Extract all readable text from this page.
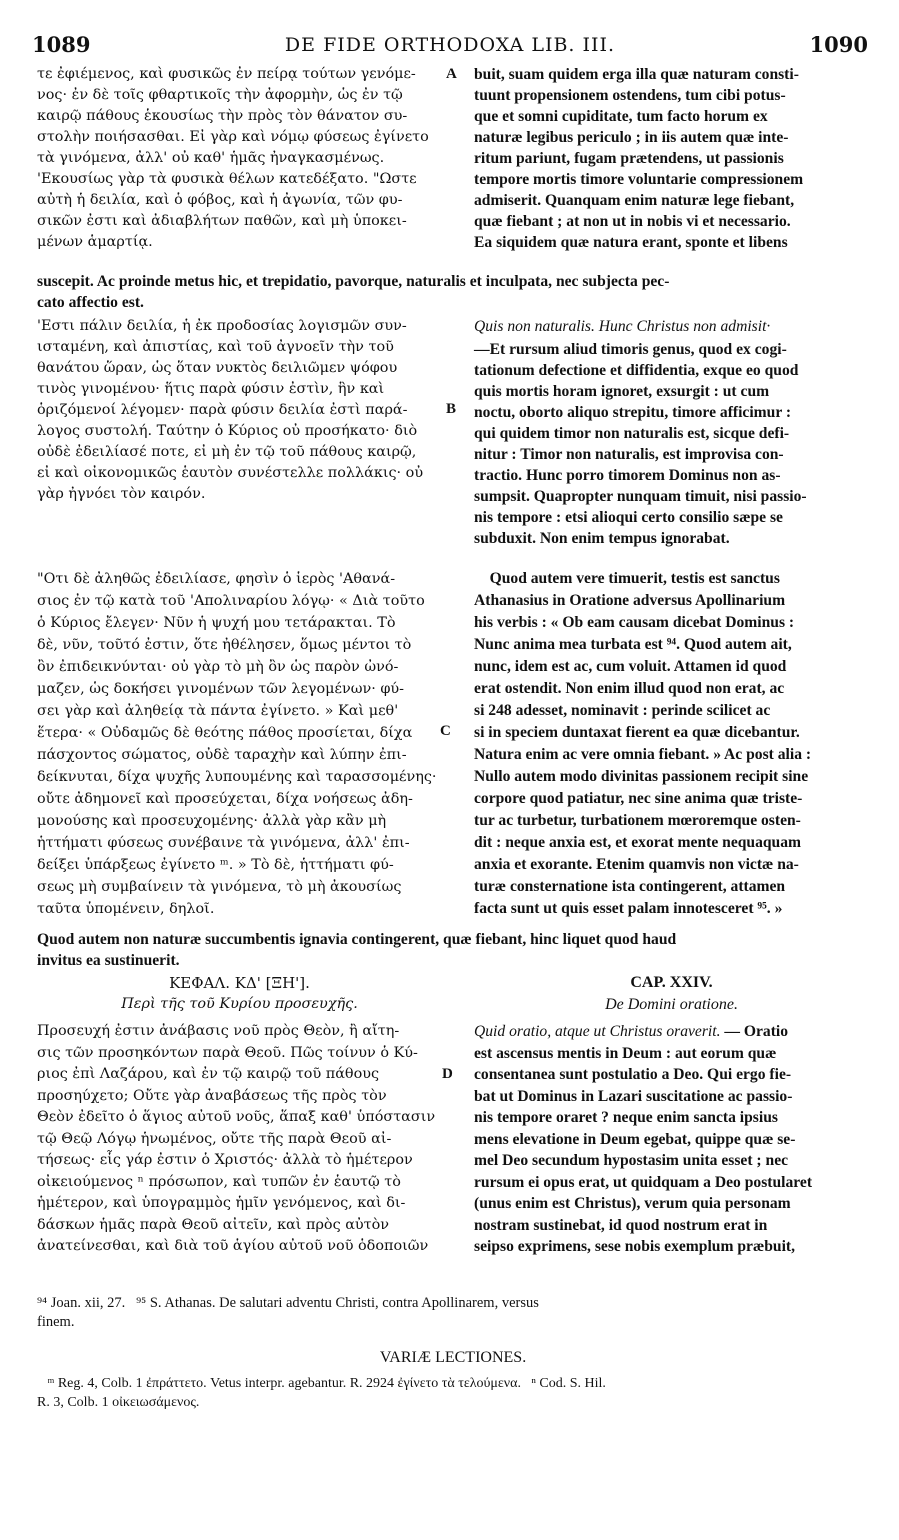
1089	DE FIDE ORTHODOXA LIB. III.	1090
τε ἐφιέμενος, καὶ φυσικῶς ἐν πείρᾳ τούτων γενόμε-
νος· ἐν δὲ τοῖς φθαρτικοῖς τὴν ἀφορμὴν, ὡς ἐν τῷ
καιρῷ πάθους ἑκουσίως τὴν πρὸς τὸν θάνατον συ-
στολὴν ποιήσασθαι. Εἰ γὰρ καὶ νόμῳ φύσεως ἐγίνετο
τὰ γινόμενα, ἀλλ' οὐ καθ' ἡμᾶς ἠναγκασμένως.
'Εκουσίως γὰρ τὰ φυσικὰ θέλων κατεδέξατο. "Ωστε
αὐτὴ ἡ δειλία, καὶ ὁ φόβος, καὶ ἡ ἀγωνία, τῶν φυ-
σικῶν ἐστι καὶ ἀδιαβλήτων παθῶν, καὶ μὴ ὑποκει-
μένων ἁμαρτίᾳ.
A buit, suam quidem erga illa quæ naturam consti-
tuunt propensionem ostendens, tum cibi potus-
que et somni cupiditate, tum facto horum ex
naturæ legibus periculo ; in iis autem quæ inte-
ritum pariunt, fugam prætendens, ut passionis
tempore mortis timore voluntarie compressionem
admiserit. Quanquam enim naturæ lege fiebant,
quæ fiebant ; at non ut in nobis vi et necessario.
Ea siquidem quæ natura erant, sponte et libens
suscepit. Ac proinde metus hic, et trepidatio, pavorque, naturalis et inculpata, nec subjecta pec-
cato affectio est.
'Εστι πάλιν δειλία, ἡ ἐκ προδοσίας λογισμῶν συν-
ισταμένη, καὶ ἀπιστίας, καὶ τοῦ ἀγνοεῖν τὴν τοῦ
θανάτου ὥραν, ὡς ὅταν νυκτὸς δειλιῶμεν ψόφου
τινὸς γινομένου· ἥτις παρὰ φύσιν ἐστὶν, ἣν καὶ
ὁριζόμενοί λέγομεν· παρὰ φύσιν δειλία ἐστὶ παρά-
λογος συστολή. Ταύτην ὁ Κύριος οὐ προσήκατο· διὸ
οὐδὲ ἐδειλίασέ ποτε, εἰ μὴ ἐν τῷ τοῦ πάθους καιρῷ,
εἰ καὶ οἰκονομικῶς ἑαυτὸν συνέστελλε πολλάκις· οὐ
γὰρ ἠγνόει τὸν καιρόν.
B
Quis non naturalis. Hunc Christus non admisit·
—Et rursum aliud timoris genus, quod ex cogi-
tationum defectione et diffidentia, exque eo quod
quis mortis horam ignoret, exsurgit : ut cum
noctu, oborto aliquo strepitu, timore afficimur :
qui quidem timor non naturalis est, sicque defi-
nitur : Timor non naturalis, est improvisa con-
tractio. Hunc porro timorem Dominus non as-
sumpsit. Quapropter nunquam timuit, nisi passio-
nis tempore : etsi alioqui certo consilio sæpe se
subduxit. Non enim tempus ignorabat.
"Οτι δὲ ἀληθῶς ἐδειλίασε, φησὶν ὁ ἱερὸς 'Αθανά-
σιος ἐν τῷ κατὰ τοῦ 'Απολιναρίου λόγῳ· « Διὰ τοῦτο
ὁ Κύριος ἔλεγεν· Νῦν ἡ ψυχή μου τετάρακται. Τὸ
δὲ, νῦν, τοῦτό ἐστιν, ὅτε ἠθέλησεν, ὅμως μέντοι τὸ
ὂν ἐπιδεικνύνται· οὐ γὰρ τὸ μὴ ὂν ὡς παρὸν ὠνό-
μαζεν, ὡς δοκήσει γινομένων τῶν λεγομένων· φύ-
σει γὰρ καὶ ἀληθείᾳ τὰ πάντα ἐγίνετο. » Καὶ μεθ'
ἕτερα· « Οὐδαμῶς δὲ θεότης πάθος προσίεται, δίχα
πάσχοντος σώματος, οὐδὲ ταραχὴν καὶ λύπην ἐπι-
δείκνυται, δίχα ψυχῆς λυπουμένης καὶ ταρασσομένης·
οὔτε ἀδημονεῖ καὶ προσεύχεται, δίχα νοήσεως ἀδη-
μονούσης καὶ προσευχομένης· ἀλλὰ γὰρ κἂν μὴ
ἡττήματι φύσεως συνέβαινε τὰ γινόμενα, ἀλλ' ἐπι-
δείξει ὑπάρξεως ἐγίνετο ᵐ. » Τὸ δὲ, ἡττήματι φύ-
σεως μὴ συμβαίνειν τὰ γινόμενα, τὸ μὴ ἀκουσίως
ταῦτα ὑπομένειν, δηλοῖ.
C
Quod autem vere timuerit, testis est sanctus
Athanasius in Oratione adversus Apollinarium
his verbis : « Ob eam causam dicebat Dominus :
Nunc anima mea turbata est ⁹⁴. Quod autem ait,
nunc, idem est ac, cum voluit. Attamen id quod
erat ostendit. Non enim illud quod non erat, ac
si 248 adesset, nominavit : perinde scilicet ac
si in speciem duntaxat fierent ea quæ dicebantur.
Natura enim ac vere omnia fiebant. » Ac post alia :
Nullo autem modo divinitas passionem recipit sine
corpore quod patiatur, nec sine anima quæ triste-
tur ac turbetur, turbationem mœroremque osten-
dit : neque anxia est, et exorat mente nequaquam
anxia et exorante. Etenim quamvis non victæ na-
turæ consternatione ista contingerent, attamen
facta sunt ut quis esset palam innotesceret ⁹⁵. »
Quod autem non naturæ succumbentis ignavia contingerent, quæ fiebant, hinc liquet quod haud
invitus ea sustinuerit.
ΚΕΦΑΛ. ΚΔ' [ΞΗ'].
Περὶ τῆς τοῦ Κυρίου προσευχῆς.
CAP. XXIV.
De Domini oratione.
Προσευχή ἐστιν ἀνάβασις νοῦ πρὸς Θεὸν, ἢ αἴτη-
σις τῶν προσηκόντων παρὰ Θεοῦ. Πῶς τοίνυν ὁ Κύ-
ριος ἐπὶ Λαζάρου, καὶ ἐν τῷ καιρῷ τοῦ πάθους
προσηύχετο; Οὔτε γὰρ ἀναβάσεως τῆς πρὸς τὸν
Θεὸν ἐδεῖτο ὁ ἅγιος αὐτοῦ νοῦς, ἅπαξ καθ' ὑπόστασιν
τῷ Θεῷ Λόγῳ ἡνωμένος, οὔτε τῆς παρὰ Θεοῦ αἰ-
τήσεως· εἷς γάρ ἐστιν ὁ Χριστός· ἀλλὰ τὸ ἡμέτερον
οἰκειούμενος ⁿ πρόσωπον, καὶ τυπῶν ἐν ἑαυτῷ τὸ
ἡμέτερον, καὶ ὑπογραμμὸς ἡμῖν γενόμενος, καὶ δι-
δάσκων ἡμᾶς παρὰ Θεοῦ αἰτεῖν, καὶ πρὸς αὐτὸν
ἀνατείνεσθαι, καὶ διὰ τοῦ ἁγίου αὐτοῦ νοῦ ὁδοποιῶν
D
Quid oratio, atque ut Christus oraverit. — Oratio
est ascensus mentis in Deum : aut eorum quæ
consentanea sunt postulatio a Deo. Qui ergo fie-
bat ut Dominus in Lazari suscitatione ac passio-
nis tempore oraret ? neque enim sancta ipsius
mens elevatione in Deum egebat, quippe quæ se-
mel Deo secundum hypostasim unita esset ; nec
rursum ei opus erat, ut quidquam a Deo postularet
(unus enim est Christus), verum quia personam
nostram sustinebat, id quod nostrum erat in
seipso exprimens, sese nobis exemplum præbuit,
⁹⁴ Joan. xii, 27.   ⁹⁵ S. Athanas. De salutari adventu Christi, contra Apollinarem, versus
finem.
VARIÆ LECTIONES.
ᵐ Reg. 4, Colb. 1 ἐπράττετο. Vetus interpr. agebantur. R. 2924 ἐγίνετο τὰ τελούμενα.   ⁿ Cod. S. Hil.
R. 3, Colb. 1 οἰκειωσάμενος.
